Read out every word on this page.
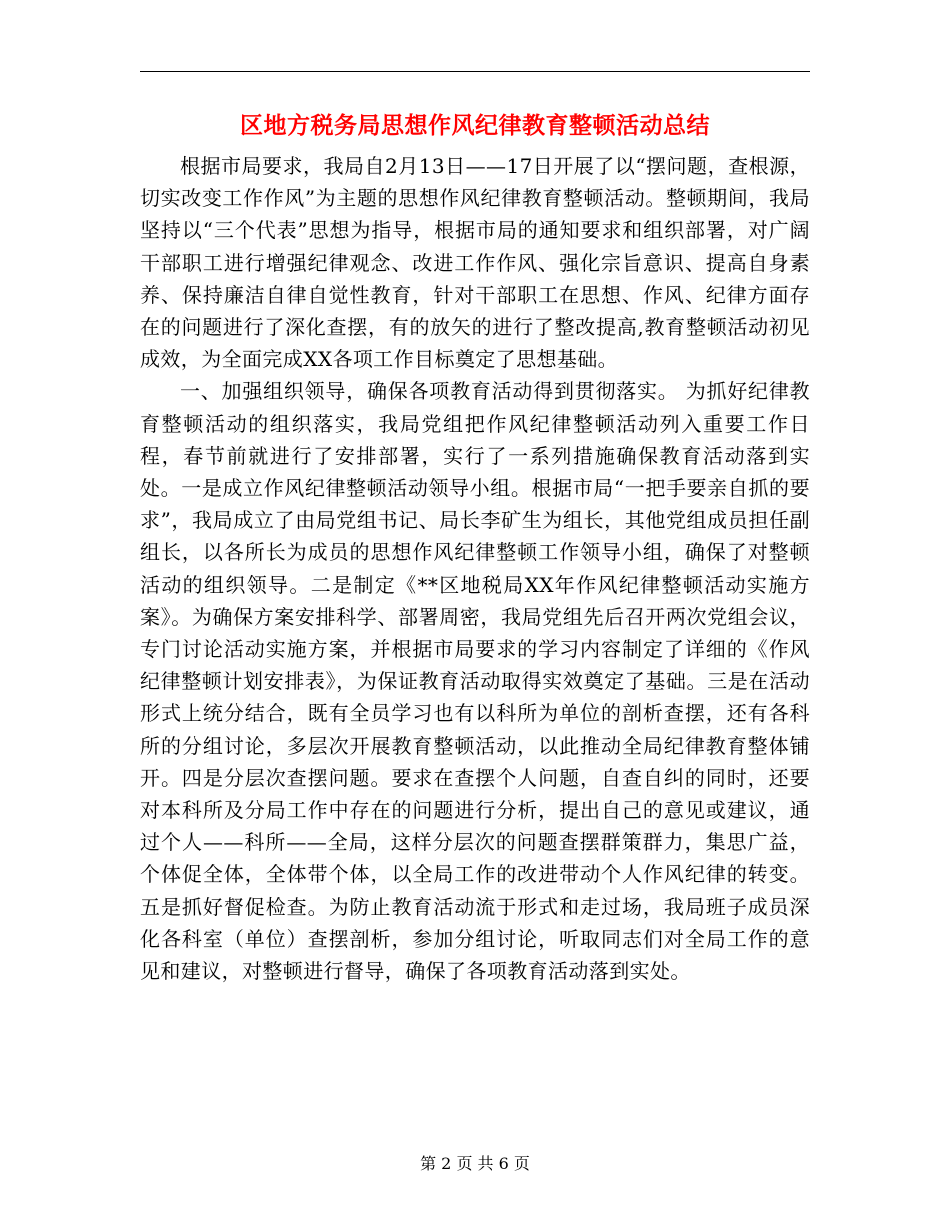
区地方税务局思想作风纪律教育整顿活动总结

根据市局要求，我局自2月13日——17日开展了以“摆问题，查根源，切实改变工作作风”为主题的思想作风纪律教育整顿活动。整顿期间，我局坚持以“三个代表”思想为指导，根据市局的通知要求和组织部署，对广阔干部职工进行增强纪律观念、改进工作作风、强化宗旨意识、提高自身素养、保持廉洁自律自觉性教育，针对干部职工在思想、作风、纪律方面存在的问题进行了深化查摆，有的放矢的进行了整改提高,教育整顿活动初见成效，为全面完成XX各项工作目标奠定了思想基础。

一、加强组织领导，确保各项教育活动得到贯彻落实。 为抓好纪律教育整顿活动的组织落实，我局党组把作风纪律整顿活动列入重要工作日程，春节前就进行了安排部署，实行了一系列措施确保教育活动落到实处。一是成立作风纪律整顿活动领导小组。根据市局“一把手要亲自抓的要求”，我局成立了由局党组书记、局长李矿生为组长，其他党组成员担任副组长，以各所长为成员的思想作风纪律整顿工作领导小组，确保了对整顿活动的组织领导。二是制定《**区地税局XX年作风纪律整顿活动实施方案》。为确保方案安排科学、部署周密，我局党组先后召开两次党组会议，专门讨论活动实施方案，并根据市局要求的学习内容制定了详细的《作风纪律整顿计划安排表》，为保证教育活动取得实效奠定了基础。三是在活动形式上统分结合，既有全员学习也有以科所为单位的剖析查摆，还有各科所的分组讨论，多层次开展教育整顿活动，以此推动全局纪律教育整体铺开。四是分层次查摆问题。要求在查摆个人问题，自查自纠的同时，还要对本科所及分局工作中存在的问题进行分析，提出自己的意见或建议，通过个人——科所——全局，这样分层次的问题查摆群策群力，集思广益，个体促全体，全体带个体，以全局工作的改进带动个人作风纪律的转变。五是抓好督促检查。为防止教育活动流于形式和走过场，我局班子成员深化各科室（单位）查摆剖析，参加分组讨论，听取同志们对全局工作的意见和建议，对整顿进行督导，确保了各项教育活动落到实处。

第 2 页 共 6 页
